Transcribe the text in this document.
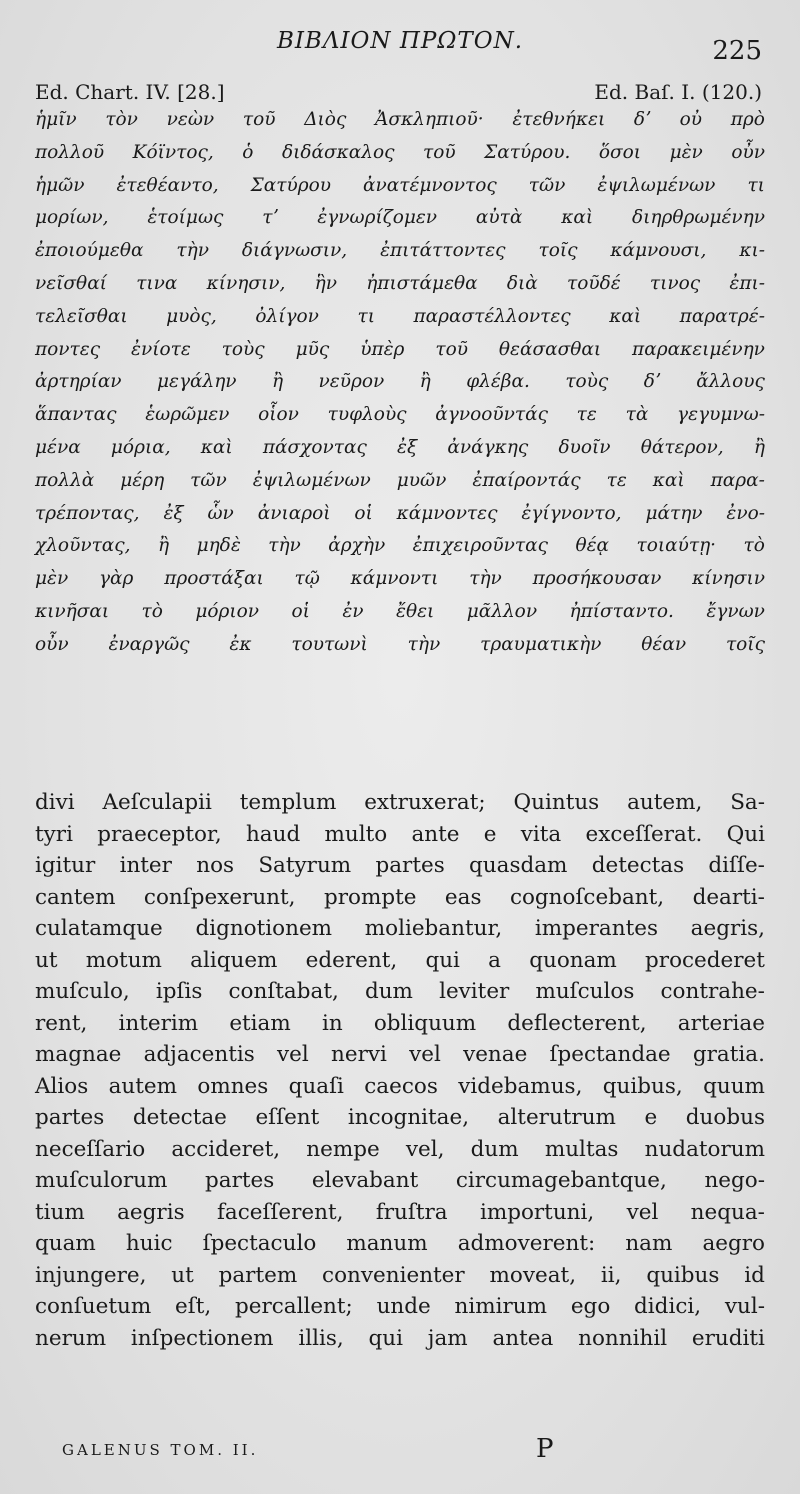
ΒΙΒΛΙΟΝ ΠΡΩΤΟΝ.	225
Ed. Chart. IV. [28.]	Ed. Baſ. I. (120.)
ἡμῖν τὸν νεὼν τοῦ Διὸς Ἀσκληπιοῦ· ἐτεθνήκει δʼ οὐ πρὸ
πολλοῦ Κόϊντος, ὁ διδάσκαλος τοῦ Σατύρου. ὅσοι μὲν οὖν
ἡμῶν ἐτεθέαντο, Σατύρου ἀνατέμνοντος τῶν ἐψιλωμένων τι
μορίων, ἑτοίμως τʼ ἐγνωρίζομεν αὐτὰ καὶ διηρθρωμένην
ἐποιούμεθα τὴν διάγνωσιν, ἐπιτάττοντες τοῖς κάμνουσι, κι-
νεῖσθαί τινα κίνησιν, ἣν ἠπιστάμεθα διὰ τοῦδέ τινος ἐπι-
τελεῖσθαι μυὸς, ὀλίγον τι παραστέλλοντες καὶ παρατρέ-
ποντες ἐνίοτε τοὺς μῦς ὑπὲρ τοῦ θεάσασθαι παρακειμένην
ἀρτηρίαν μεγάλην ἢ νεῦρον ἢ φλέβα. τοὺς δʼ ἄλλους
ἅπαντας ἑωρῶμεν οἷον τυφλοὺς ἀγνοοῦντάς τε τὰ γεγυμνω-
μένα μόρια, καὶ πάσχοντας ἐξ ἀνάγκης δυοῖν θάτερον, ἢ
πολλὰ μέρη τῶν ἐψιλωμένων μυῶν ἐπαίροντάς τε καὶ παρα-
τρέποντας, ἐξ ὧν ἀνιαροὶ οἱ κάμνοντες ἐγίγνοντο, μάτην ἐνο-
χλοῦντας, ἢ μηδὲ τὴν ἀρχὴν ἐπιχειροῦντας θέᾳ τοιαύτῃ· τὸ
μὲν γὰρ προστάξαι τῷ κάμνοντι τὴν προσήκουσαν κίνησιν
κινῆσαι τὸ μόριον οἱ ἐν ἔθει μᾶλλον ἠπίσταντο. ἔγνων
οὖν ἐναργῶς ἐκ τουτωνὶ τὴν τραυματικὴν θέαν τοῖς
divi Aeſculapii templum extruxerat; Quintus autem, Sa-
tyri praeceptor, haud multo ante e vita exceſſerat. Qui
igitur inter nos Satyrum partes quasdam detectas diſſe-
cantem conſpexerunt, prompte eas cognoſcebant, dearti-
culatamque dignotionem moliebantur, imperantes aegris,
ut motum aliquem ederent, qui a quonam procederet
muſculo, ipſis conſtabat, dum leviter muſculos contrahe-
rent, interim etiam in obliquum deflecterent, arteriae
magnae adjacentis vel nervi vel venae ſpectandae gratia.
Alios autem omnes quaſi caecos videbamus, quibus, quum
partes detectae eſſent incognitae, alterutrum e duobus
neceſſario accideret, nempe vel, dum multas nudatorum
muſculorum partes elevabant circumagebantque, nego-
tium aegris faceſſerent, fruſtra importuni, vel nequa-
quam huic ſpectaculo manum admoverent: nam aegro
injungere, ut partem convenienter moveat, ii, quibus id
conſuetum eſt, percallent; unde nimirum ego didici, vul-
nerum inſpectionem illis, qui jam antea nonnihil eruditi
GALENUS TOM. II.	P
